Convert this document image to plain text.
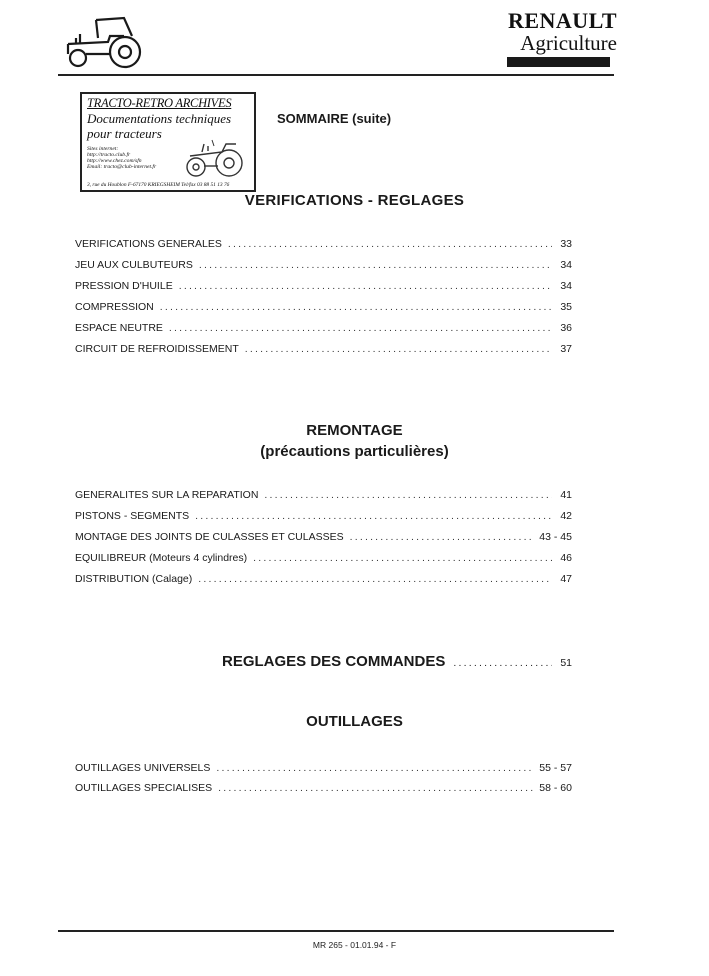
RENAULT
Agriculture
TRACTO-RETRO ARCHIVES
Documentations techniques
pour tracteurs
Sites internet:
http://tracto.club.fr
http://www.chez.com/sfn
Email: tracto@club-internet.fr
3, rue du Houblon F-67170 KRIEGSHEIM Tel/fax 03 88 51 13 76
SOMMAIRE (suite)
VERIFICATIONS - REGLAGES
VERIFICATIONS GENERALES .....	33
JEU AUX CULBUTEURS .....	34
PRESSION D'HUILE .....	34
COMPRESSION .....	35
ESPACE NEUTRE .....	36
CIRCUIT DE REFROIDISSEMENT .....	37
REMONTAGE
(précautions particulières)
GENERALITES SUR LA REPARATION .....	41
PISTONS - SEGMENTS .....	42
MONTAGE DES JOINTS DE CULASSES ET CULASSES .....	43 - 45
EQUILIBREUR (Moteurs 4 cylindres) .....	46
DISTRIBUTION (Calage) .....	47
REGLAGES DES COMMANDES .....	51
OUTILLAGES
OUTILLAGES UNIVERSELS .....	55 - 57
OUTILLAGES SPECIALISES .....	58 - 60
MR 265 - 01.01.94 - F
